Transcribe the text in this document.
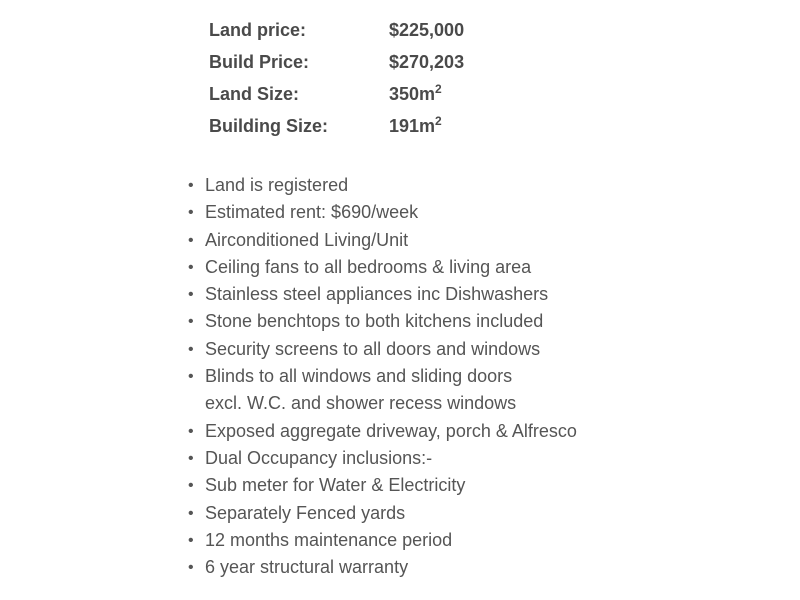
Land price:	$225,000
Build Price:	$270,203
Land Size:	$350m^2$
Building Size:	$191m^2$
• Land is registered
• Estimated rent: $690/week
• Airconditioned Living/Unit
• Ceiling fans to all bedrooms & living area
• Stainless steel appliances inc Dishwashers
• Stone benchtops to both kitchens included
• Security screens to all doors and windows
• Blinds to all windows and sliding doors
excl. W.C. and shower recess windows
• Exposed aggregate driveway, porch & Alfresco
• Dual Occupancy inclusions:-
• Sub meter for Water & Electricity
• Separately Fenced yards
• 12 months maintenance period
• 6 year structural warranty
